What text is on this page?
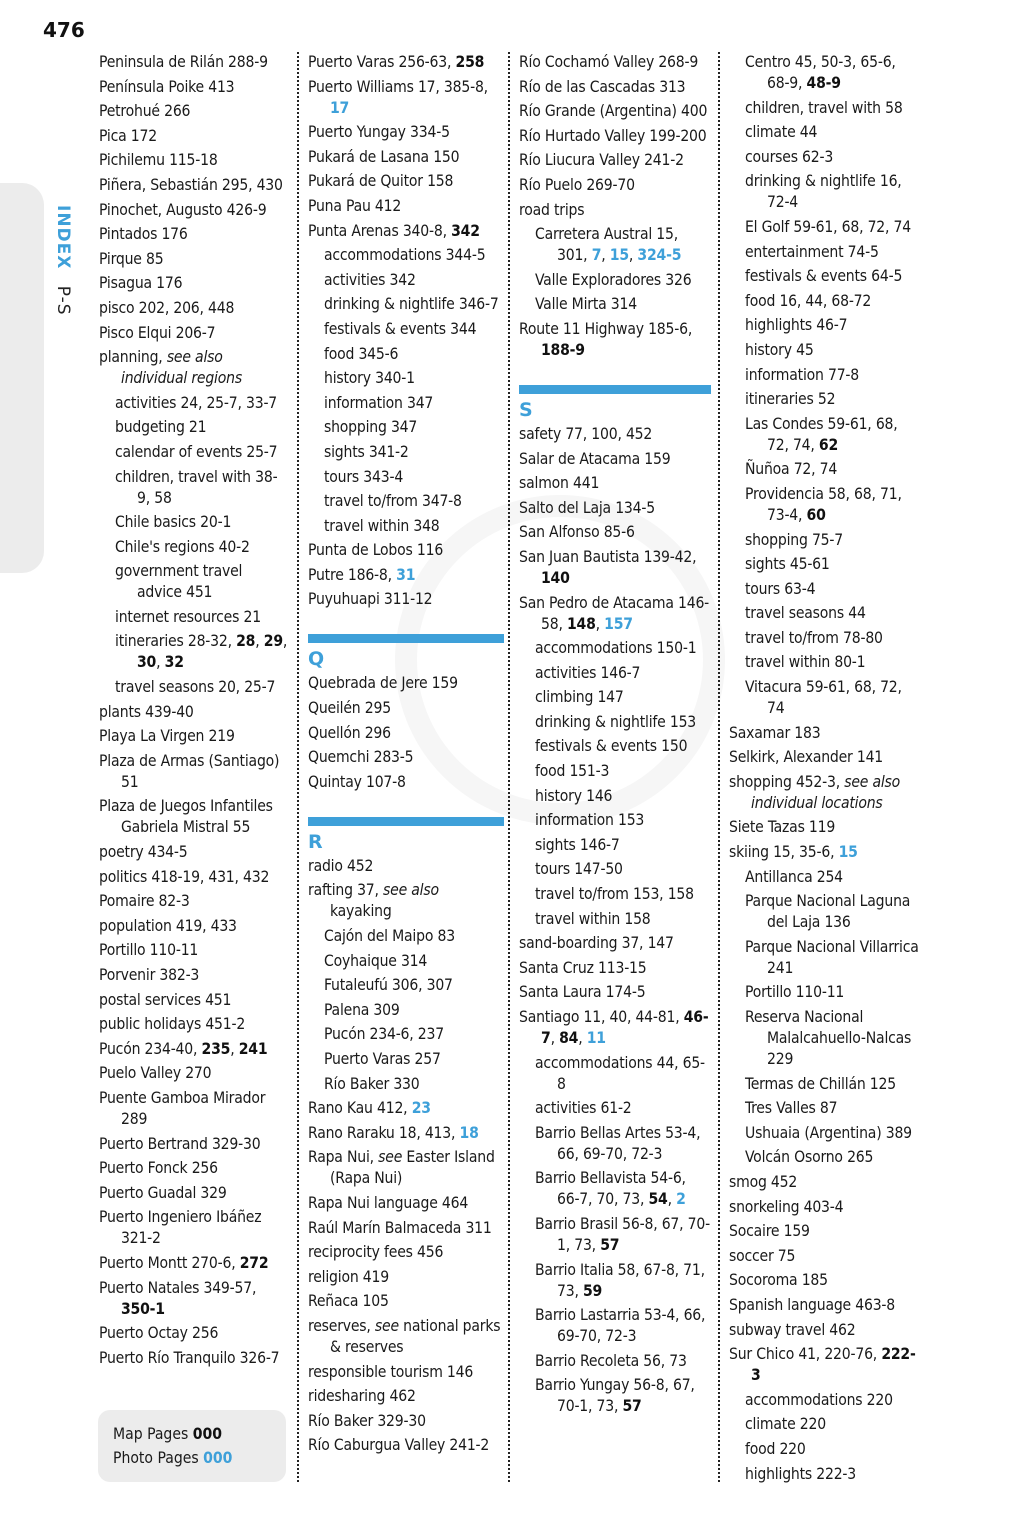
476
INDEX P-S
Peninsula de Rilán 288-9
Península Poike 413
Petrohué 266
Pica 172
Pichilemu 115-18
Piñera, Sebastián 295, 430
Pinochet, Augusto 426-9
Pintados 176
Pirque 85
Pisagua 176
pisco 202, 206, 448
Pisco Elqui 206-7
planning, see also individual regions
activities 24, 25-7, 33-7
budgeting 21
calendar of events 25-7
children, travel with 38-9, 58
Chile basics 20-1
Chile's regions 40-2
government travel advice 451
internet resources 21
itineraries 28-32, 28, 29, 30, 32
travel seasons 20, 25-7
plants 439-40
Playa La Virgen 219
Plaza de Armas (Santiago) 51
Plaza de Juegos Infantiles Gabriela Mistral 55
poetry 434-5
politics 418-19, 431, 432
Pomaire 82-3
population 419, 433
Portillo 110-11
Porvenir 382-3
postal services 451
public holidays 451-2
Pucón 234-40, 235, 241
Puelo Valley 270
Puente Gamboa Mirador 289
Puerto Bertrand 329-30
Puerto Fonck 256
Puerto Guadal 329
Puerto Ingeniero Ibáñez 321-2
Puerto Montt 270-6, 272
Puerto Natales 349-57, 350-1
Puerto Octay 256
Puerto Río Tranquilo 326-7
Puerto Varas 256-63, 258
Puerto Williams 17, 385-8, 17
Puerto Yungay 334-5
Pukará de Lasana 150
Pukará de Quitor 158
Puna Pau 412
Punta Arenas 340-8, 342
accommodations 344-5
activities 342
drinking & nightlife 346-7
festivals & events 344
food 345-6
history 340-1
information 347
shopping 347
sights 341-2
tours 343-4
travel to/from 347-8
travel within 348
Punta de Lobos 116
Putre 186-8, 31
Puyuhuapi 311-12
Q
Quebrada de Jere 159
Queilén 295
Quellón 296
Quemchi 283-5
Quintay 107-8
R
radio 452
rafting 37, see also kayaking
Cajón del Maipo 83
Coyhaique 314
Futaleufú 306, 307
Palena 309
Pucón 234-6, 237
Puerto Varas 257
Río Baker 330
Rano Kau 412, 23
Rano Raraku 18, 413, 18
Rapa Nui, see Easter Island (Rapa Nui)
Rapa Nui language 464
Raúl Marín Balmaceda 311
reciprocity fees 456
religion 419
Reñaca 105
reserves, see national parks & reserves
responsible tourism 146
ridesharing 462
Río Baker 329-30
Río Caburgua Valley 241-2
Río Cochamó Valley 268-9
Río de las Cascadas 313
Río Grande (Argentina) 400
Río Hurtado Valley 199-200
Río Liucura Valley 241-2
Río Puelo 269-70
road trips
Carretera Austral 15, 301, 7, 15, 324-5
Valle Exploradores 326
Valle Mirta 314
Route 11 Highway 185-6, 188-9
S
safety 77, 100, 452
Salar de Atacama 159
salmon 441
Salto del Laja 134-5
San Alfonso 85-6
San Juan Bautista 139-42, 140
San Pedro de Atacama 146-58, 148, 157
accommodations 150-1
activities 146-7
climbing 147
drinking & nightlife 153
festivals & events 150
food 151-3
history 146
information 153
sights 146-7
tours 147-50
travel to/from 153, 158
travel within 158
sand-boarding 37, 147
Santa Cruz 113-15
Santa Laura 174-5
Santiago 11, 40, 44-81, 46-7, 84, 11
accommodations 44, 65-8
activities 61-2
Barrio Bellas Artes 53-4, 66, 69-70, 72-3
Barrio Bellavista 54-6, 66-7, 70, 73, 54, 2
Barrio Brasil 56-8, 67, 70-1, 73, 57
Barrio Italia 58, 67-8, 71, 73, 59
Barrio Lastarria 53-4, 66, 69-70, 72-3
Barrio Recoleta 56, 73
Barrio Yungay 56-8, 67, 70-1, 73, 57
Centro 45, 50-3, 65-6, 68-9, 48-9
children, travel with 58
climate 44
courses 62-3
drinking & nightlife 16, 72-4
El Golf 59-61, 68, 72, 74
entertainment 74-5
festivals & events 64-5
food 16, 44, 68-72
highlights 46-7
history 45
information 77-8
itineraries 52
Las Condes 59-61, 68, 72, 74, 62
Ñuñoa 72, 74
Providencia 58, 68, 71, 73-4, 60
shopping 75-7
sights 45-61
tours 63-4
travel seasons 44
travel to/from 78-80
travel within 80-1
Vitacura 59-61, 68, 72, 74
Saxamar 183
Selkirk, Alexander 141
shopping 452-3, see also individual locations
Siete Tazas 119
skiing 15, 35-6, 15
Antillanca 254
Parque Nacional Laguna del Laja 136
Parque Nacional Villarrica 241
Portillo 110-11
Reserva Nacional Malalcahuello-Nalcas 229
Termas de Chillán 125
Tres Valles 87
Ushuaia (Argentina) 389
Volcán Osorno 265
smog 452
snorkeling 403-4
Socaire 159
soccer 75
Socoroma 185
Spanish language 463-8
subway travel 462
Sur Chico 41, 220-76, 222-3
accommodations 220
climate 220
food 220
highlights 222-3
Map Pages 000
Photo Pages 000
